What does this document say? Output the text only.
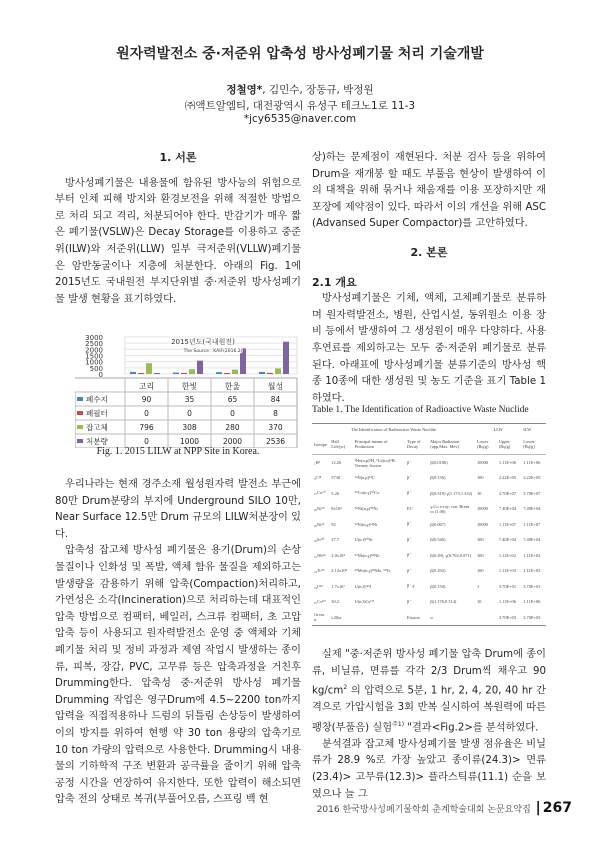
원자력발전소 중·저준위 압축성 방사성폐기물 처리 기술개발
정철영*, 김민수, 장동규, 박정원
㈜액트알엠티, 대전광역시 유성구 테크노1로 11-3
*jcy6535@naver.com
1. 서론

방사성폐기물은 내용물에 함유된 방사능의 위험으로부터 인체 피해 방지와 환경보전을 위해 적절한 방법으로 처리 되고 격리, 처분되어야 한다. 반감기가 매우 짧은 폐기물(VSLW)은 Decay Storage를 이용하고 중준위(ILW)와 저준위(LLW) 일부 극저준위(VLLW)폐기물은 암반동굴이나 지층에 처분한다. 아래의 Fig. 1에 2015년도 국내원전 부지단위별 중·저준위 방사성폐기물 발생 현황을 표기하였다.

0
500
1000
1500
2000
2500
3000	2015년도(국내원전)
The Source : KAIF(2016.2)
고리	한빛	한울	월성
폐수지	90	35	65	84
폐필터	0	0	0	8
잡고체	796	308	280	370
처분량	0	1000	2000	2536
Fig. 1. 2015 LILW at NPP Site in Korea.

우리나라는 현재 경주소재 월성원자력 발전소 부근에 80만 Drum분량의 부지에 Underground SILO 10만, Near Surface 12.5만 Drum 규모의 LILW처분장이 있다.

압축성 잡고체 방사성 폐기물은 용기(Drum)의 손상물질이나 인화성 및 폭발, 액체 함유 물질을 제외하고는 발생량을 감용하기 위해 압축(Compaction)처리하고, 가연성은 소각(Incineration)으로 처리하는데 대표적인 압축 방법으로 컴팩터, 베일러, 스크류 컴팩터, 초 고압 압축 등이 사용되고 원자력발전소 운영 중 액체와 기체 폐기물 처리 및 정비 과정과 제염 작업시 발생하는 종이류, 피복, 장갑, PVC, 고무류 등은 압축과정을 거친후 Drumming한다. 압축성 중·저준위 방사성 폐기물 Drumming 작업은 영구Drum에 4.5~2200 ton까지 압력을 직접적용하나 드럼의 뒤틀림 손상등이 발생하여 이의 방지를 위하여 현행 약 30 ton 용량의 압축기로 10 ton 가량의 압력으로 사용한다. Drumming시 내용물의 기하학적 구조 변환과 공극률을 줄이기 위해 압축공정 시간을 연장하여 유지한다. 또한 압력이 해소되면 압축 전의 상태로 복귀(부풀어오름, 스프링 백 현

상)하는 문제점이 재현된다. 처분 검사 등을 위하여 Drum을 재개봉 할 때도 부풀음 현상이 발생하여 이의 대책을 위해 묶거나 채움재를 이용 포장하지만 재포장에 제약점이 있다. 따라서 이의 개선을 위해 ASC (Advansed Super Compactor)를 고안하였다.

2. 본론
2.1 개요

방사성폐기물은 기체, 액체, 고체폐기물로 분류하며 원자력발전소, 병원, 산업시설, 동위원소 이용 장비 등에서 발생하여 그 생성원이 매우 다양하다. 사용후연료를 제외하고는 모두 중·저준위 폐기물로 분류된다. 아래표에 방사성폐기물 분류기준의 방사성 핵종 10종에 대한 생성원 및 농도 기준을 표기 Table 1 하였다.

Table 1. The Identification of Radioactive Waste Nuclide
The Identification of Radioactive Waste Nuclide					LLW		ILW
Isotope	Half Life(yr)	Principal means of Production	Type of Decay	Major Radiation (app.Max, Mev)	Lower (Bq/g)	Upper (Bq/g)	Lower (Bq/g)
₁H³	12.26	³He(n,p)³H, ⁶Li(n,α)³H, Ternary fission	β⁻	β(0.0186)	10000	1.11E+06	1.11E+06
₆C¹⁴	5730	¹⁴N(n,p)¹⁴C	β⁻	β(0.156)	100	2.22E+05	2.22E+05
₂₇Co⁶⁰	5.26	⁵⁹Co(n,γ)⁶⁰Co	β⁻	β(0.318) γ(1.173,1.332)	10	3.70E+07	3.70E+07
₂₈Ni⁵⁹	8x10⁴	⁵⁸Ni(n,γ)⁵⁹Ni	EC	γ,Co x-ray, con. Brem to (1.06)	10000	7.40E+04	7.40E+04
₂₈Ni⁶³	92	⁶²Ni(n,γ)⁶³Ni	β⁻	β(0.067)	10000	1.11E+07	1.11E+07
₃₈Sr⁹⁰	27.7	U(n,f)⁹⁰Sr	β⁻	β(0.546)	100	7.40E+04	7.40E+04
₄₁Nb⁹⁴	2.0x10⁴	⁹³Nb(n,γ)⁹⁴Nb	β⁻	β(0.49), γ(0.702,0.871)	100	1.11E+02	1.11E+02
₄₃Tc⁹⁹	2.12x10⁵	⁹⁸Mo(n,γ)⁹⁹Mo, ⁹⁹Tc	β⁻	β(0.292)	100	1.11E+03	1.11E+03
₅₃I¹²⁹	1.7x10⁷	U(n,f)¹²⁹I	β⁻,γ	β(0.150)	1	3.70E+01	3.70E+01
₅₅Cs¹³⁷	30.2	U(n,f)Cs¹³⁷	β⁻	β(1.176,0.514)	10	1.11E+06	1.11E+06
Gross α	≥20yr		Fission	α		3.70E+03	3.70E+03

실제 "중·저준위 방사성 폐기물 압축 Drum에 종이류, 비닐류, 면류를 각각 2/3 Drum씩 채우고 90 $kg/cm^2$ 의 압력으로 5분, 1 hr, 2, 4, 20, 40 hr 간격으로 가압시험을 3회 반복 실시하여 복원력에 따른 팽창(부풀음) 실험$^{주1)}$ "결과<Fig.2>를 분석하였다.

분석결과 잡고체 방사성폐기물 발생 점유율은 비닐류가 28.9 %로 가장 높았고 종이류(24.3)> 면류(23.4)> 고무류(12.3)> 플라스틱류(11.1) 순을 보였으나 늘 그

2016 한국방사성폐기물학회 춘계학술대회 논문요약집 | 267
